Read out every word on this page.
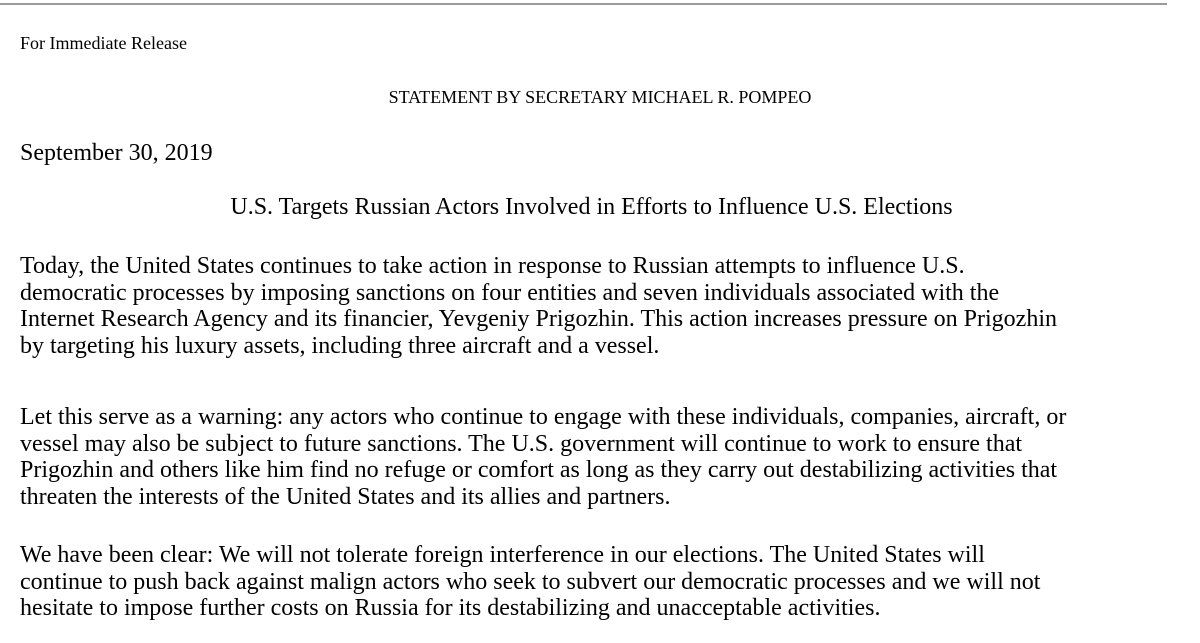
For Immediate Release
STATEMENT BY SECRETARY MICHAEL R. POMPEO
September 30, 2019
U.S. Targets Russian Actors Involved in Efforts to Influence U.S. Elections

Today, the United States continues to take action in response to Russian attempts to influence U.S.
democratic processes by imposing sanctions on four entities and seven individuals associated with the
Internet Research Agency and its financier, Yevgeniy Prigozhin. This action increases pressure on Prigozhin
by targeting his luxury assets, including three aircraft and a vessel.

Let this serve as a warning: any actors who continue to engage with these individuals, companies, aircraft, or
vessel may also be subject to future sanctions. The U.S. government will continue to work to ensure that
Prigozhin and others like him find no refuge or comfort as long as they carry out destabilizing activities that
threaten the interests of the United States and its allies and partners.

We have been clear: We will not tolerate foreign interference in our elections. The United States will
continue to push back against malign actors who seek to subvert our democratic processes and we will not
hesitate to impose further costs on Russia for its destabilizing and unacceptable activities.
